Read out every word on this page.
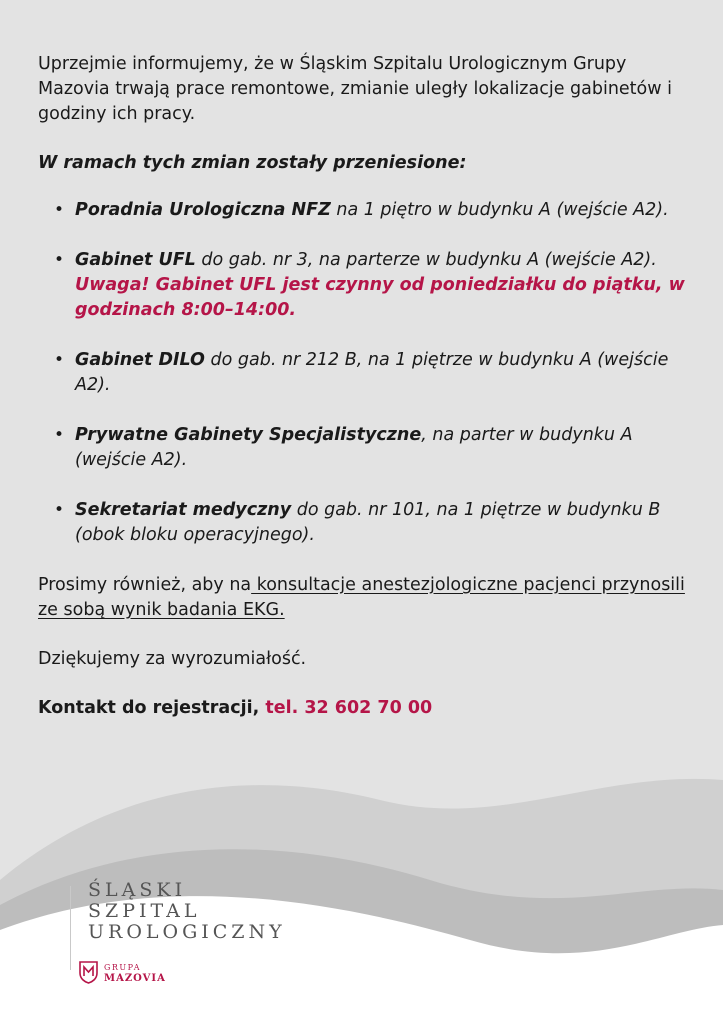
Uprzejmie informujemy, że w Śląskim Szpitalu Urologicznym Grupy Mazovia trwają prace remontowe, zmianie uległy lokalizacje gabinetów i godziny ich pracy.

W ramach tych zmian zostały przeniesione:

• Poradnia Urologiczna NFZ na 1 piętro w budynku A (wejście A2).
• Gabinet UFL do gab. nr 3, na parterze w budynku A (wejście A2). Uwaga! Gabinet UFL jest czynny od poniedziałku do piątku, w godzinach 8:00–14:00.
• Gabinet DILO do gab. nr 212 B, na 1 piętrze w budynku A (wejście A2).
• Prywatne Gabinety Specjalistyczne, na parter w budynku A (wejście A2).
• Sekretariat medyczny do gab. nr 101, na 1 piętrze w budynku B (obok bloku operacyjnego).

Prosimy również, aby na konsultacje anestezjologiczne pacjenci przynosili ze sobą wynik badania EKG.

Dziękujemy za wyrozumiałość.

Kontakt do rejestracji, tel. 32 602 70 00

ŚLĄSKI
SZPITAL
UROLOGICZNY
GRUPA
MAZOVIA
